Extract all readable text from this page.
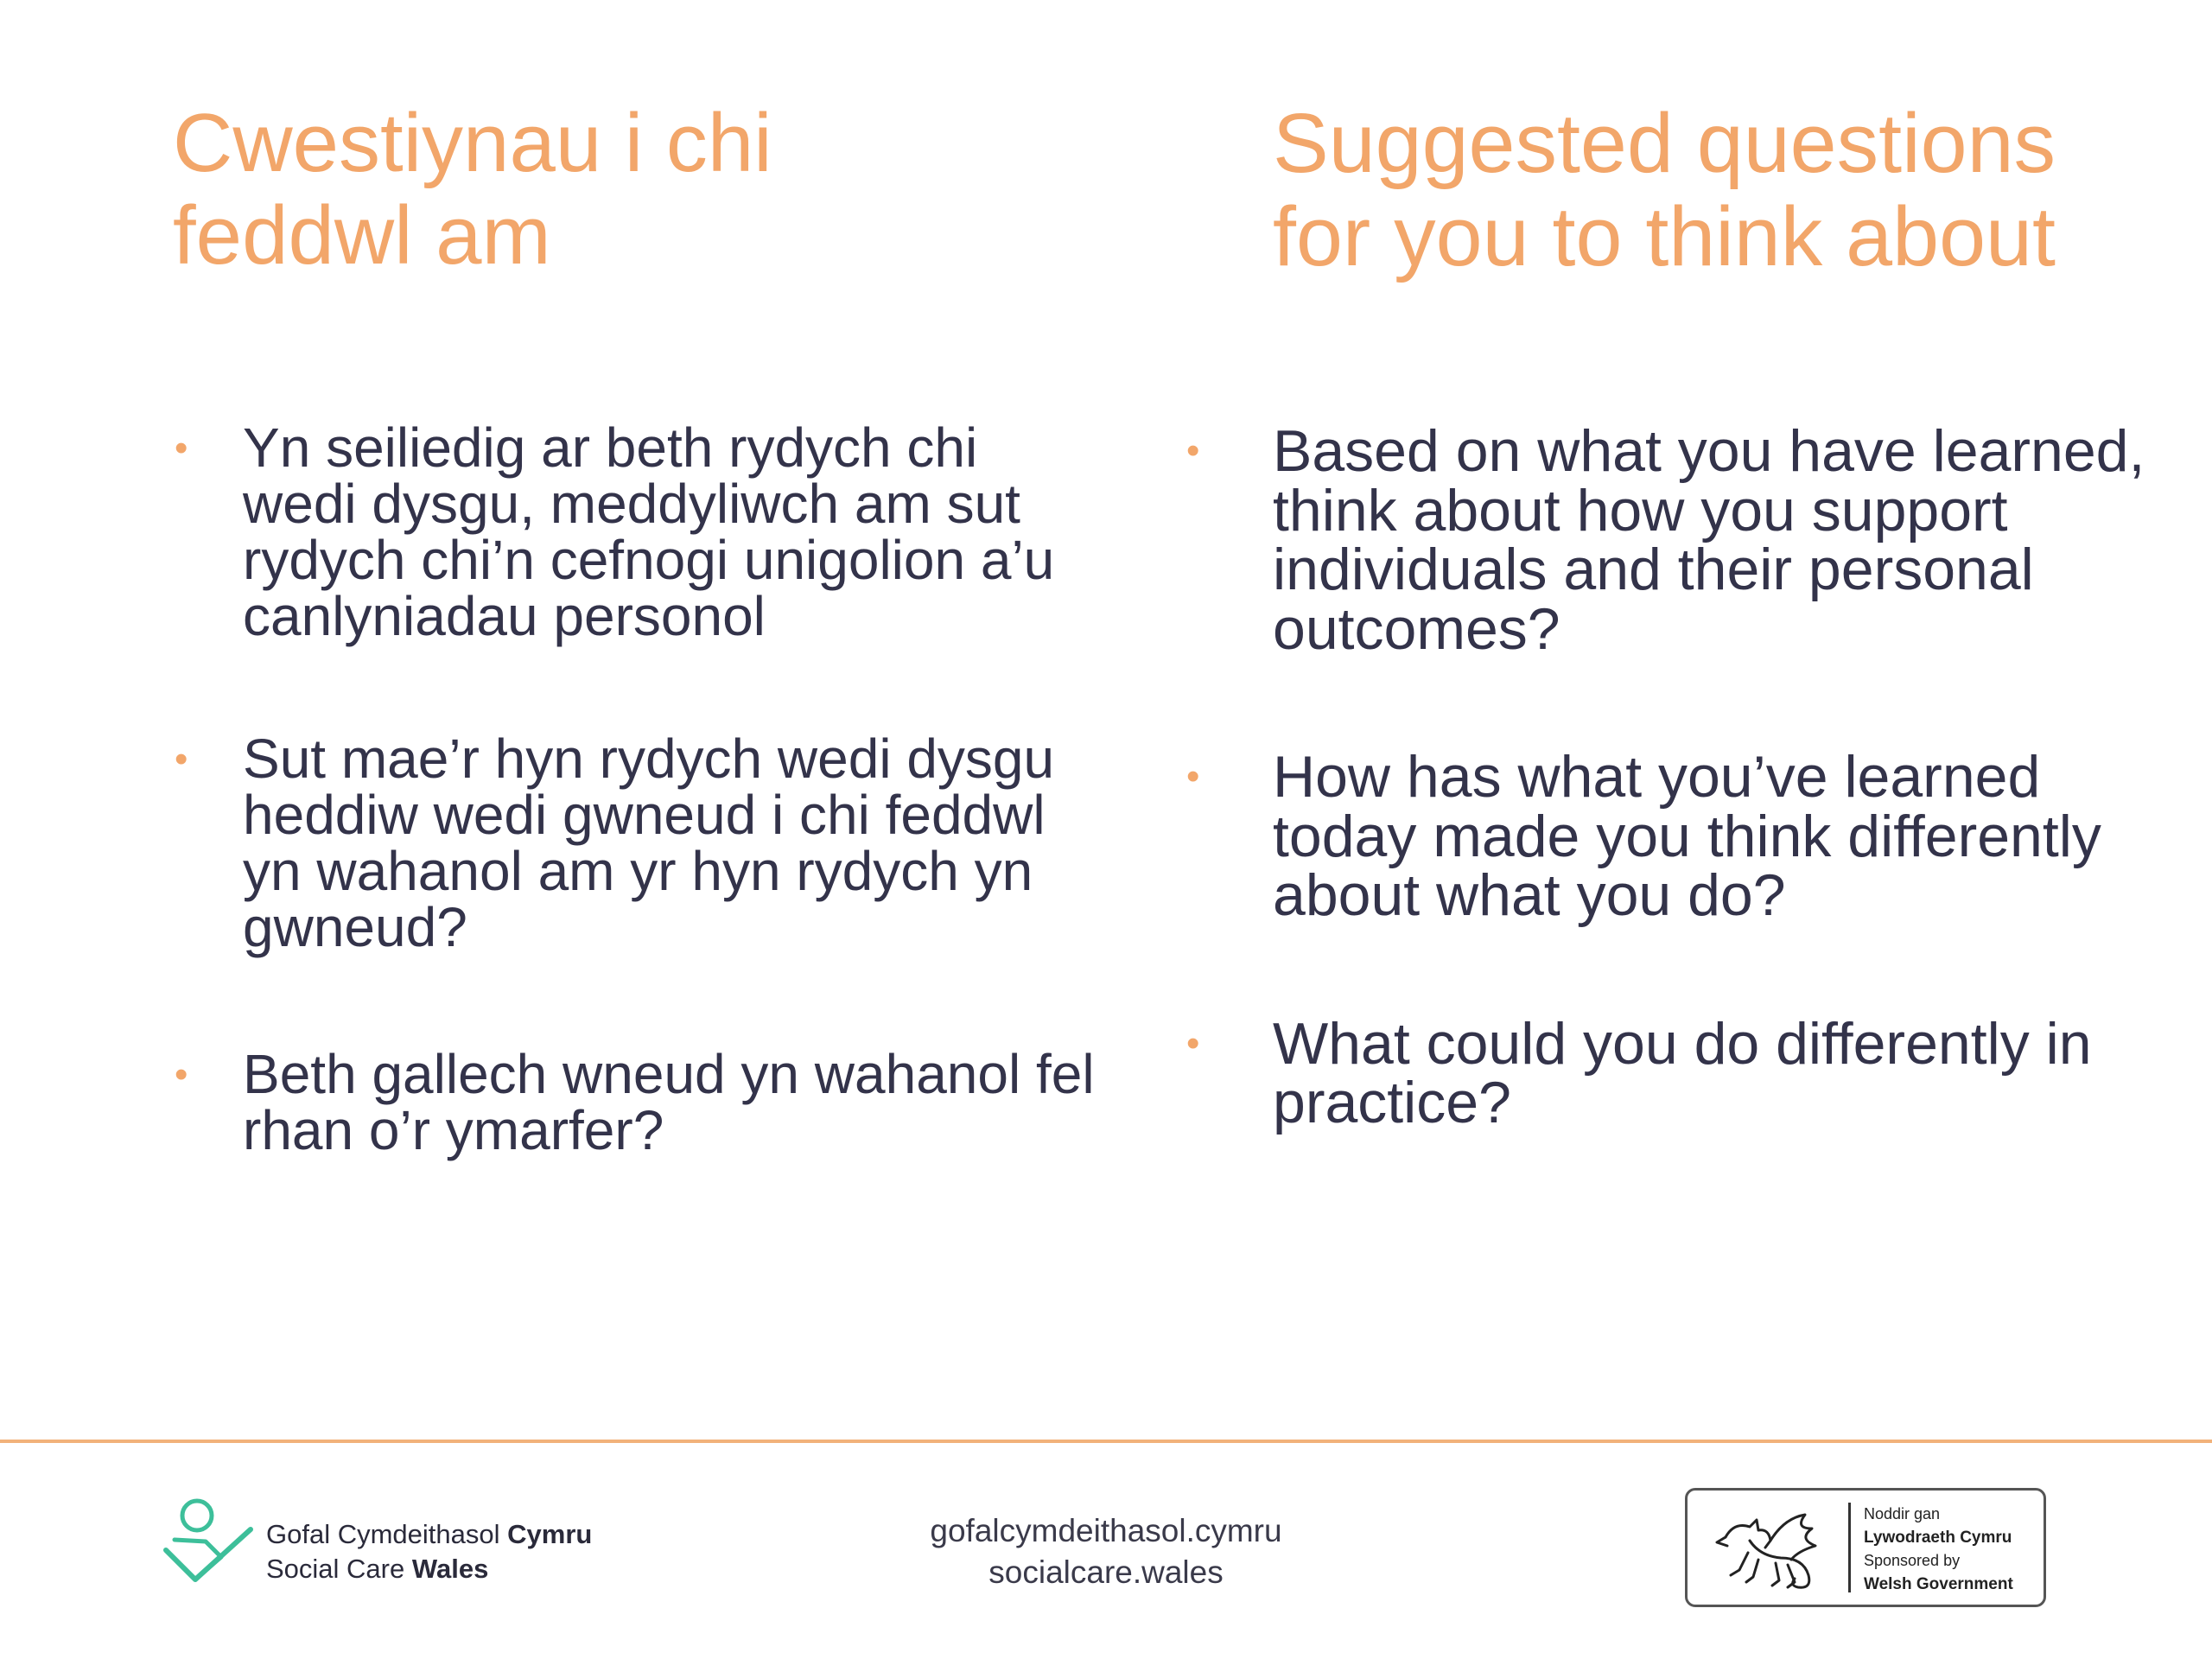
Cwestiynau i chi
feddwl am
• Yn seiliedig ar beth rydych chi wedi dysgu, meddyliwch am sut rydych chi’n cefnogi unigolion a’u canlyniadau personol
• Sut mae’r hyn rydych wedi dysgu heddiw wedi gwneud i chi feddwl yn wahanol am yr hyn rydych yn gwneud?
• Beth gallech wneud yn wahanol fel rhan o’r ymarfer?
Suggested questions
for you to think about
• Based on what you have learned, think about how you support individuals and their personal outcomes?
• How has what you’ve learned today made you think differently about what you do?
• What could you do differently in practice?
Gofal Cymdeithasol Cymru
Social Care Wales
gofalcymdeithasol.cymru
socialcare.wales
Noddir gan
Lywodraeth Cymru
Sponsored by
Welsh Government
